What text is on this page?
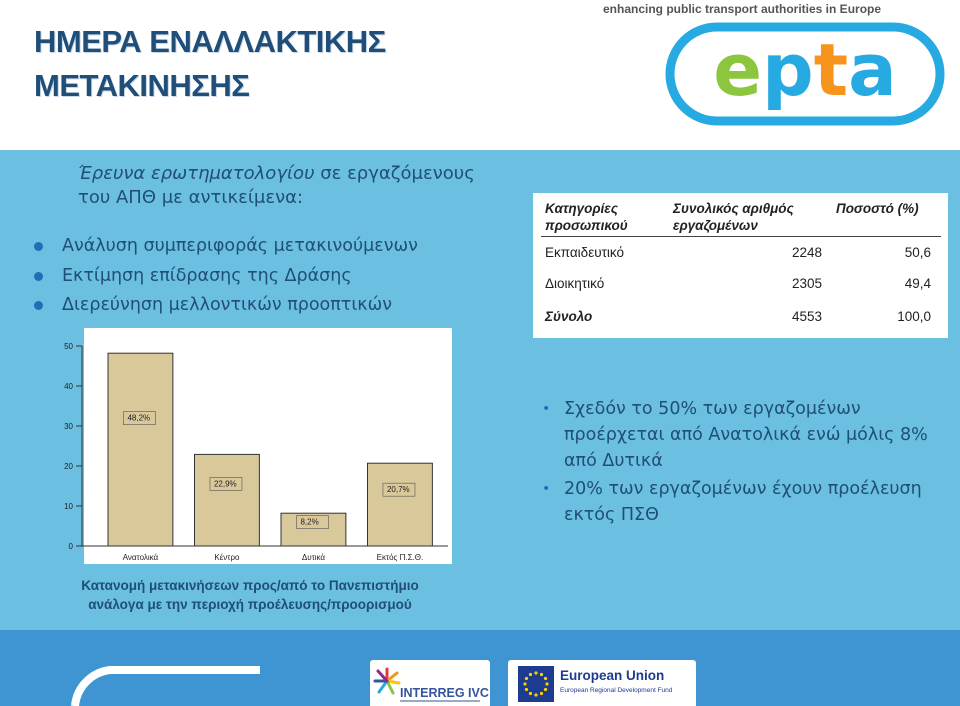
ΗΜΕΡΑ ΕΝΑΛΛΑΚΤΙΚΗΣ
ΜΕΤΑΚΙΝΗΣΗΣ
enhancing public transport authorities in Europe
epta
Έρευνα ερωτηματολογίου σε εργαζόμενους
του ΑΠΘ με αντικείμενα:
Ανάλυση συμπεριφοράς μετακινούμενων
Εκτίμηση επίδρασης της Δράσης
Διερεύνηση μελλοντικών προοπτικών
Κατηγορίες προσωπικού	Συνολικός αριθμός εργαζομένων	Ποσοστό (%)
Εκπαιδευτικό	2248	50,6
Διοικητικό	2305	49,4
Σύνολο	4553	100,0
0
10
20
30
40
50
48,2%
Ανατολικά
22,9%
Κέντρο
8,2%
Δυτικά
20,7%
Εκτός Π.Σ.Θ.
Κατανομή μετακινήσεων προς/από το Πανεπιστήμιο
ανάλογα με την περιοχή προέλευσης/προορισμού
• Σχεδόν το 50% των εργαζομένων προέρχεται από Ανατολικά ενώ μόλις 8% από Δυτικά
• 20% των εργαζομένων έχουν προέλευση εκτός ΠΣΘ
INTERREG IVC
European Union
European Regional Development Fund
